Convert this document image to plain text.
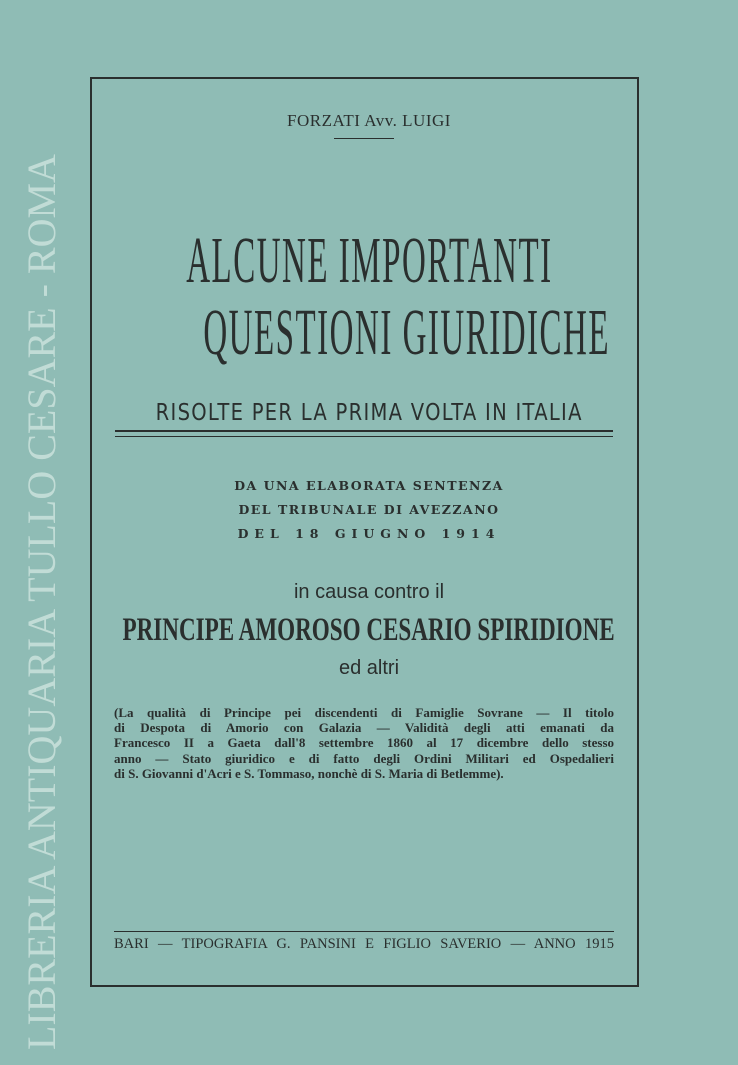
LIBRERIA ANTIQUARIA TULLO CESARE - ROMA
FORZATI Avv. LUIGI
ALCUNE IMPORTANTI
QUESTIONI GIURIDICHE
RISOLTE PER LA PRIMA VOLTA IN ITALIA
DA UNA ELABORATA SENTENZA
DEL TRIBUNALE DI AVEZZANO
DEL 18 GIUGNO 1914
in causa contro il
PRINCIPE AMOROSO CESARIO SPIRIDIONE
ed altri
(La qualità di Principe pei discendenti di Famiglie Sovrane — Il titolo
di Despota di Amorio con Galazia — Validità degli atti emanati da
Francesco II a Gaeta dall'8 settembre 1860 al 17 dicembre dello stesso
anno — Stato giuridico e di fatto degli Ordini Militari ed Ospedalieri
di S. Giovanni d'Acri e S. Tommaso, nonchè di S. Maria di Betlemme).
BARI — TIPOGRAFIA G. PANSINI E FIGLIO SAVERIO — ANNO 1915
